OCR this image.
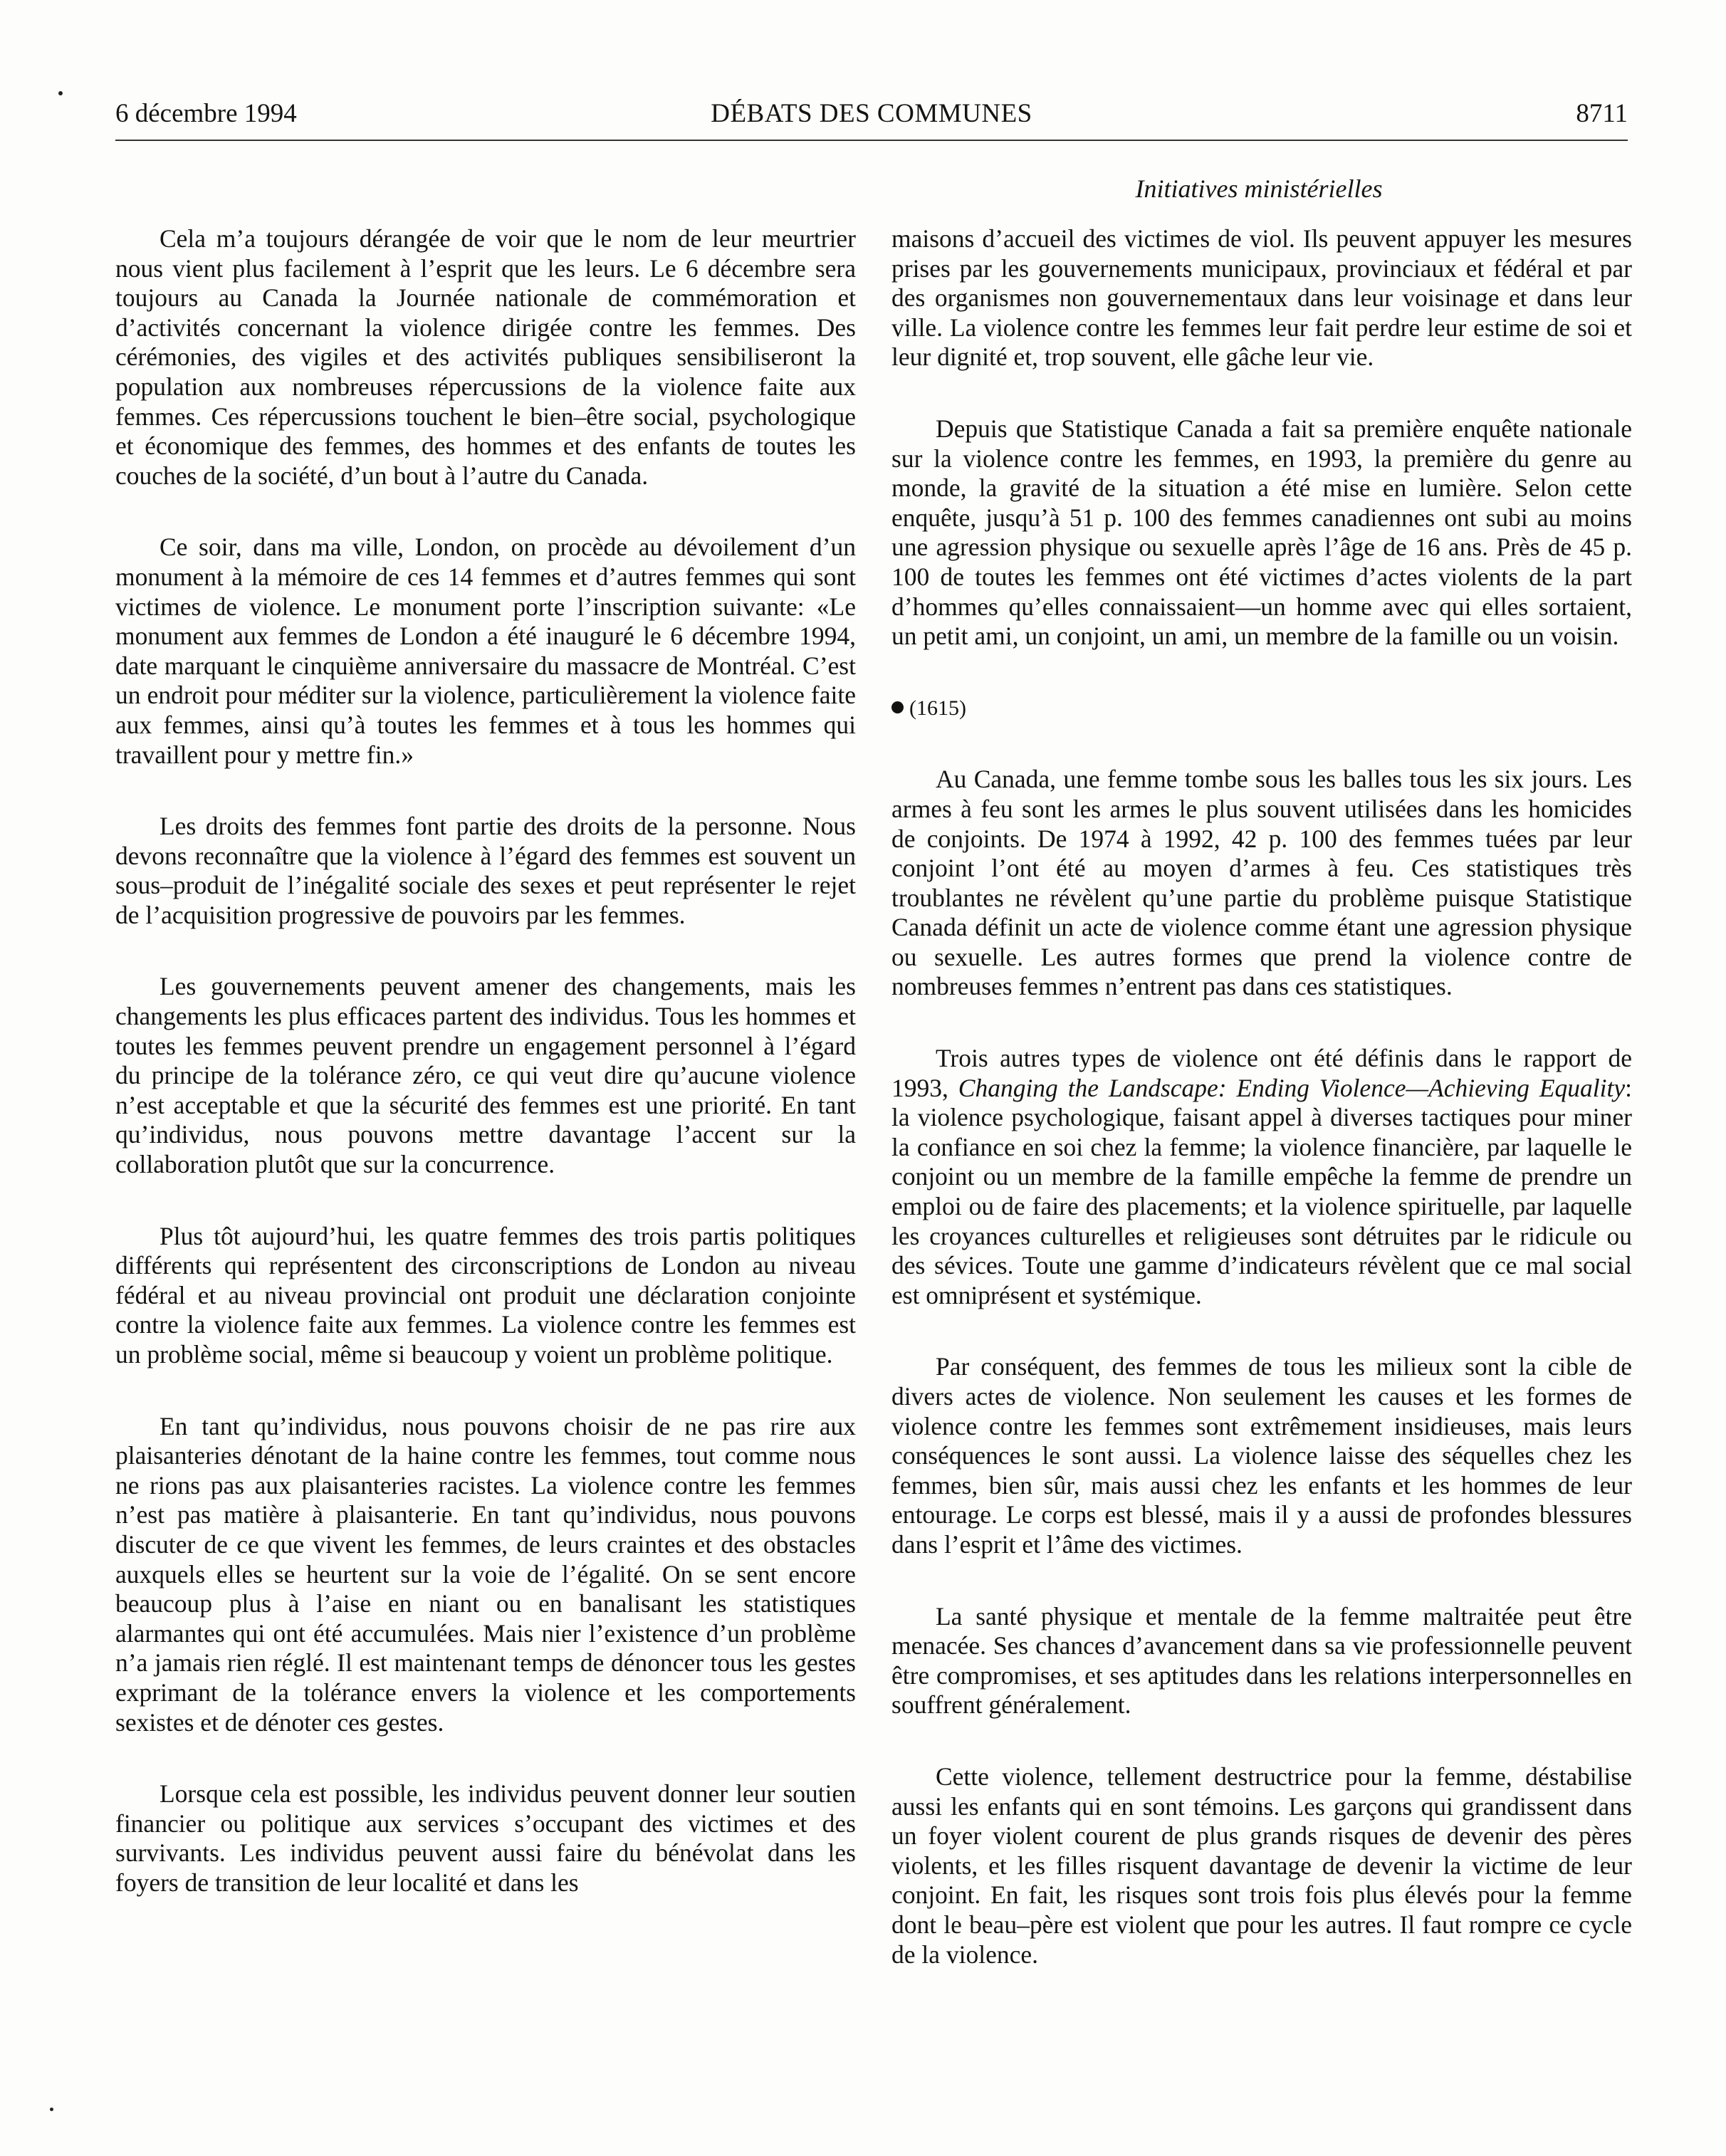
6 décembre 1994	DÉBATS DES COMMUNES	8711
Initiatives ministérielles

Cela m’a toujours dérangée de voir que le nom de leur meurtrier nous vient plus facilement à l’esprit que les leurs. Le 6 décembre sera toujours au Canada la Journée nationale de commémoration et d’activités concernant la violence dirigée contre les femmes. Des cérémonies, des vigiles et des activités publiques sensibiliseront la population aux nombreuses répercussions de la violence faite aux femmes. Ces répercussions touchent le bien–être social, psychologique et économique des femmes, des hommes et des enfants de toutes les couches de la société, d’un bout à l’autre du Canada.

Ce soir, dans ma ville, London, on procède au dévoilement d’un monument à la mémoire de ces 14 femmes et d’autres femmes qui sont victimes de violence. Le monument porte l’inscription suivante: «Le monument aux femmes de London a été inauguré le 6 décembre 1994, date marquant le cinquième anniversaire du massacre de Montréal. C’est un endroit pour méditer sur la violence, particulièrement la violence faite aux femmes, ainsi qu’à toutes les femmes et à tous les hommes qui travaillent pour y mettre fin.»

Les droits des femmes font partie des droits de la personne. Nous devons reconnaître que la violence à l’égard des femmes est souvent un sous–produit de l’inégalité sociale des sexes et peut représenter le rejet de l’acquisition progressive de pouvoirs par les femmes.

Les gouvernements peuvent amener des changements, mais les changements les plus efficaces partent des individus. Tous les hommes et toutes les femmes peuvent prendre un engagement personnel à l’égard du principe de la tolérance zéro, ce qui veut dire qu’aucune violence n’est acceptable et que la sécurité des femmes est une priorité. En tant qu’individus, nous pouvons mettre davantage l’accent sur la collaboration plutôt que sur la concurrence.

Plus tôt aujourd’hui, les quatre femmes des trois partis politiques différents qui représentent des circonscriptions de London au niveau fédéral et au niveau provincial ont produit une déclaration conjointe contre la violence faite aux femmes. La violence contre les femmes est un problème social, même si beaucoup y voient un problème politique.

En tant qu’individus, nous pouvons choisir de ne pas rire aux plaisanteries dénotant de la haine contre les femmes, tout comme nous ne rions pas aux plaisanteries racistes. La violence contre les femmes n’est pas matière à plaisanterie. En tant qu’individus, nous pouvons discuter de ce que vivent les femmes, de leurs craintes et des obstacles auxquels elles se heurtent sur la voie de l’égalité. On se sent encore beaucoup plus à l’aise en niant ou en banalisant les statistiques alarmantes qui ont été accumulées. Mais nier l’existence d’un problème n’a jamais rien réglé. Il est maintenant temps de dénoncer tous les gestes exprimant de la tolérance envers la violence et les comportements sexistes et de dénoter ces gestes.

Lorsque cela est possible, les individus peuvent donner leur soutien financier ou politique aux services s’occupant des victimes et des survivants. Les individus peuvent aussi faire du bénévolat dans les foyers de transition de leur localité et dans les

maisons d’accueil des victimes de viol. Ils peuvent appuyer les mesures prises par les gouvernements municipaux, provinciaux et fédéral et par des organismes non gouvernementaux dans leur voisinage et dans leur ville. La violence contre les femmes leur fait perdre leur estime de soi et leur dignité et, trop souvent, elle gâche leur vie.

Depuis que Statistique Canada a fait sa première enquête nationale sur la violence contre les femmes, en 1993, la première du genre au monde, la gravité de la situation a été mise en lumière. Selon cette enquête, jusqu’à 51 p. 100 des femmes canadiennes ont subi au moins une agression physique ou sexuelle après l’âge de 16 ans. Près de 45 p. 100 de toutes les femmes ont été victimes d’actes violents de la part d’hommes qu’elles connaissaient—un homme avec qui elles sortaient, un petit ami, un conjoint, un ami, un membre de la famille ou un voisin.

(1615)

Au Canada, une femme tombe sous les balles tous les six jours. Les armes à feu sont les armes le plus souvent utilisées dans les homicides de conjoints. De 1974 à 1992, 42 p. 100 des femmes tuées par leur conjoint l’ont été au moyen d’armes à feu. Ces statistiques très troublantes ne révèlent qu’une partie du problème puisque Statistique Canada définit un acte de violence comme étant une agression physique ou sexuelle. Les autres formes que prend la violence contre de nombreuses femmes n’entrent pas dans ces statistiques.

Trois autres types de violence ont été définis dans le rapport de 1993, Changing the Landscape: Ending Violence—Achieving Equality: la violence psychologique, faisant appel à diverses tactiques pour miner la confiance en soi chez la femme; la violence financière, par laquelle le conjoint ou un membre de la famille empêche la femme de prendre un emploi ou de faire des placements; et la violence spirituelle, par laquelle les croyances culturelles et religieuses sont détruites par le ridicule ou des sévices. Toute une gamme d’indicateurs révèlent que ce mal social est omniprésent et systémique.

Par conséquent, des femmes de tous les milieux sont la cible de divers actes de violence. Non seulement les causes et les formes de violence contre les femmes sont extrêmement insidieuses, mais leurs conséquences le sont aussi. La violence laisse des séquelles chez les femmes, bien sûr, mais aussi chez les enfants et les hommes de leur entourage. Le corps est blessé, mais il y a aussi de profondes blessures dans l’esprit et l’âme des victimes.

La santé physique et mentale de la femme maltraitée peut être menacée. Ses chances d’avancement dans sa vie professionnelle peuvent être compromises, et ses aptitudes dans les relations interpersonnelles en souffrent généralement.

Cette violence, tellement destructrice pour la femme, déstabilise aussi les enfants qui en sont témoins. Les garçons qui grandissent dans un foyer violent courent de plus grands risques de devenir des pères violents, et les filles risquent davantage de devenir la victime de leur conjoint. En fait, les risques sont trois fois plus élevés pour la femme dont le beau–père est violent que pour les autres. Il faut rompre ce cycle de la violence.
